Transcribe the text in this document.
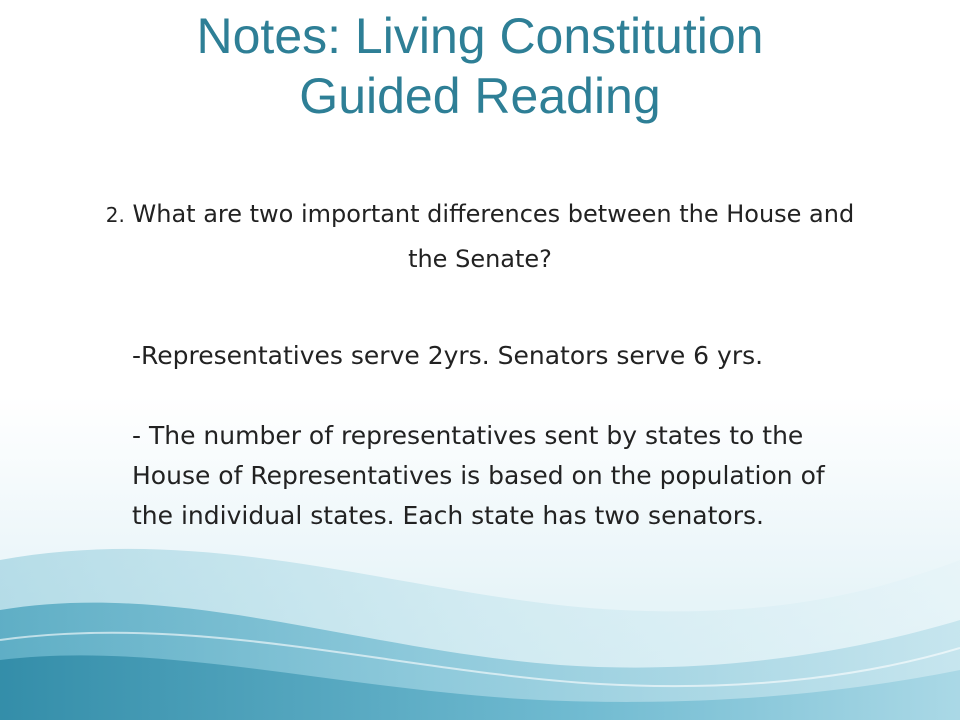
Notes: Living Constitution
Guided Reading
2. What are two important differences between the House and the Senate?

-Representatives serve 2yrs. Senators serve 6 yrs.

- The number of representatives sent by states to the House of Representatives is based on the population of the individual states. Each state has two senators.
